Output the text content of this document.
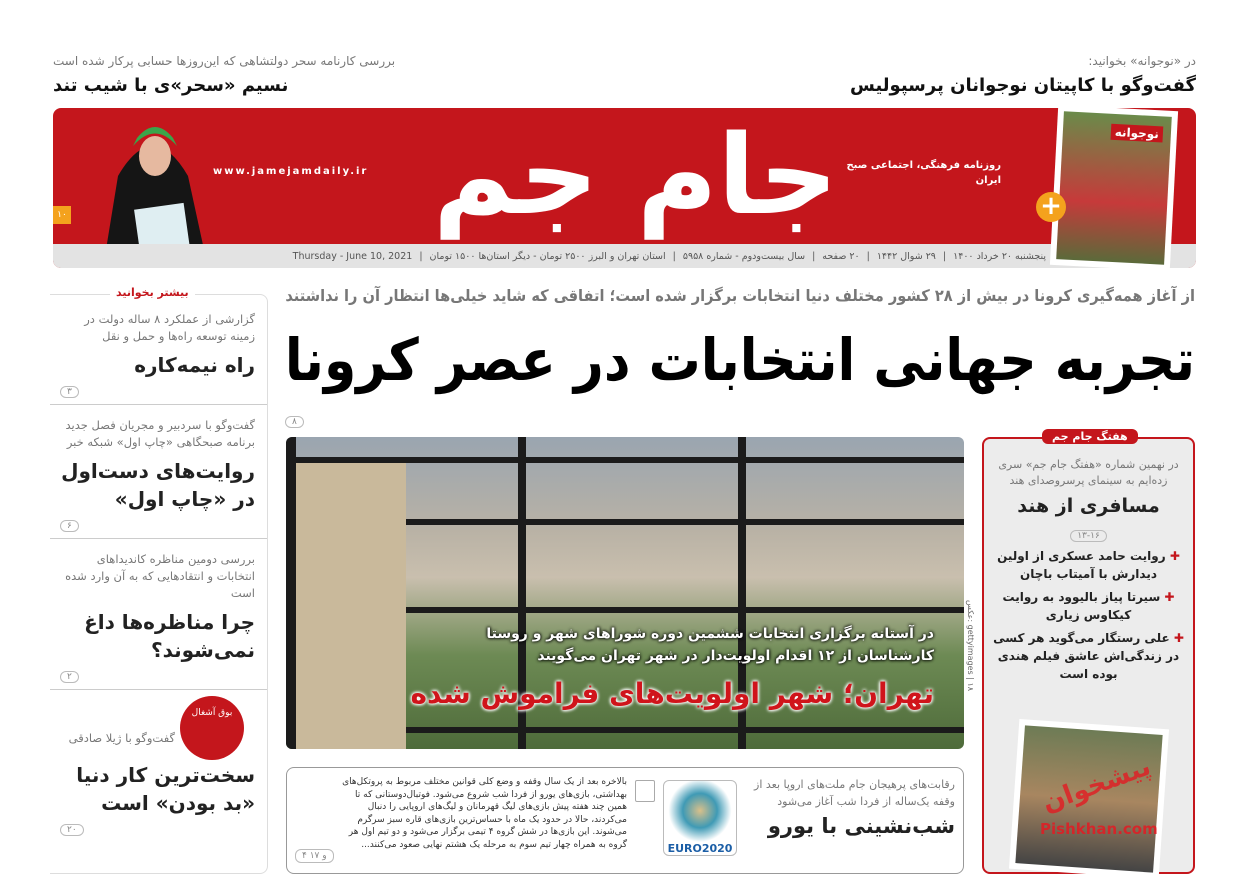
بررسی کارنامه سحر دولتشاهی که این‌روزها حسابی پرکار شده است
نسیم «سحر»ی با شیب تند
در «نوجوانه» بخوانید:
گفت‌وگو با کاپیتان نوجوانان پرسپولیس
۱۰
www.jamejamdaily.ir جام جم روزنامه فرهنگی، اجتماعی صبح ایران
نوجوانه
+
پنجشنبه ۲۰ خرداد ۱۴۰۰
|
۲۹ شوال ۱۴۴۲
|
۲۰ صفحه
|
سال بیست‌ودوم - شماره ۵۹۵۸
|
استان تهران و البرز ۲۵۰۰ تومان - دیگر استان‌ها ۱۵۰۰ تومان
|
Thursday - June 10, 2021
بیشتر بخوانید
گزارشی از عملکرد ۸ ساله دولت در زمینه توسعه راه‌ها و حمل و نقل
راه نیمه‌کاره
۳
گفت‌وگو با سردبیر و مجریان فصل جدید برنامه صبحگاهی «چاپ اول» شبکه خبر
روایت‌های دست‌اول در «چاپ اول»
۶
بررسی دومین مناظره کاندیداهای انتخابات و انتقادهایی که به آن وارد شده است
چرا مناظره‌ها داغ نمی‌شوند؟
۲
بوق آشغال
گفت‌وگو با ژیلا صادقی
سخت‌ترین کار دنیا «بد بودن» است
۲۰
از آغاز همه‌گیری کرونا در بیش از ۲۸ کشور مختلف دنیا انتخابات برگزار شده است؛ اتفاقی که شاید خیلی‌ها انتظار آن را نداشتند
تجربه جهانی انتخابات در عصر کرونا
۸
در آستانه برگزاری انتخابات ششمین دوره شوراهای شهر و روستا
کارشناسان از ۱۲ اقدام اولویت‌دار در شهر تهران می‌گویند
تهران؛ شهر اولویت‌های فراموش شده
عکس: gettyimages | ۱۸
هفتگ جام جم
در نهمین شماره «هفتگ جام جم» سری زده‌ایم به سینمای پرسروصدای هند
مسافری از هند
۱۳-۱۶
✚ روایت حامد عسکری از اولین دیدارش با آمیتاب باچان
✚ سیرتا پیاز بالیوود به روایت کیکاوس زیاری
✚ علی رستگار می‌گوید هر کسی در زندگی‌اش عاشق فیلم هندی بوده است
پیشخوان
Pishkhan.com
رقابت‌های پرهیجان جام ملت‌های اروپا بعد از وقفه یک‌ساله از فردا شب آغاز می‌شود
شب‌نشینی با یورو
EURO2020
بالاخره بعد از یک سال وقفه و وضع کلی قوانین مختلف مربوط به پروتکل‌های بهداشتی، بازی‌های یورو از فردا شب شروع می‌شود. فوتبال‌دوستانی که تا همین چند هفته پیش بازی‌های لیگ قهرمانان و لیگ‌های اروپایی را دنبال می‌کردند، حالا در حدود یک ماه با حساس‌ترین بازی‌های قاره سبز سرگرم می‌شوند. این بازی‌ها در شش گروه ۴ تیمی برگزار می‌شود و دو تیم اول هر گروه به همراه چهار تیم سوم به مرحله یک هشتم نهایی صعود می‌کنند...
۴ و ۱۷
